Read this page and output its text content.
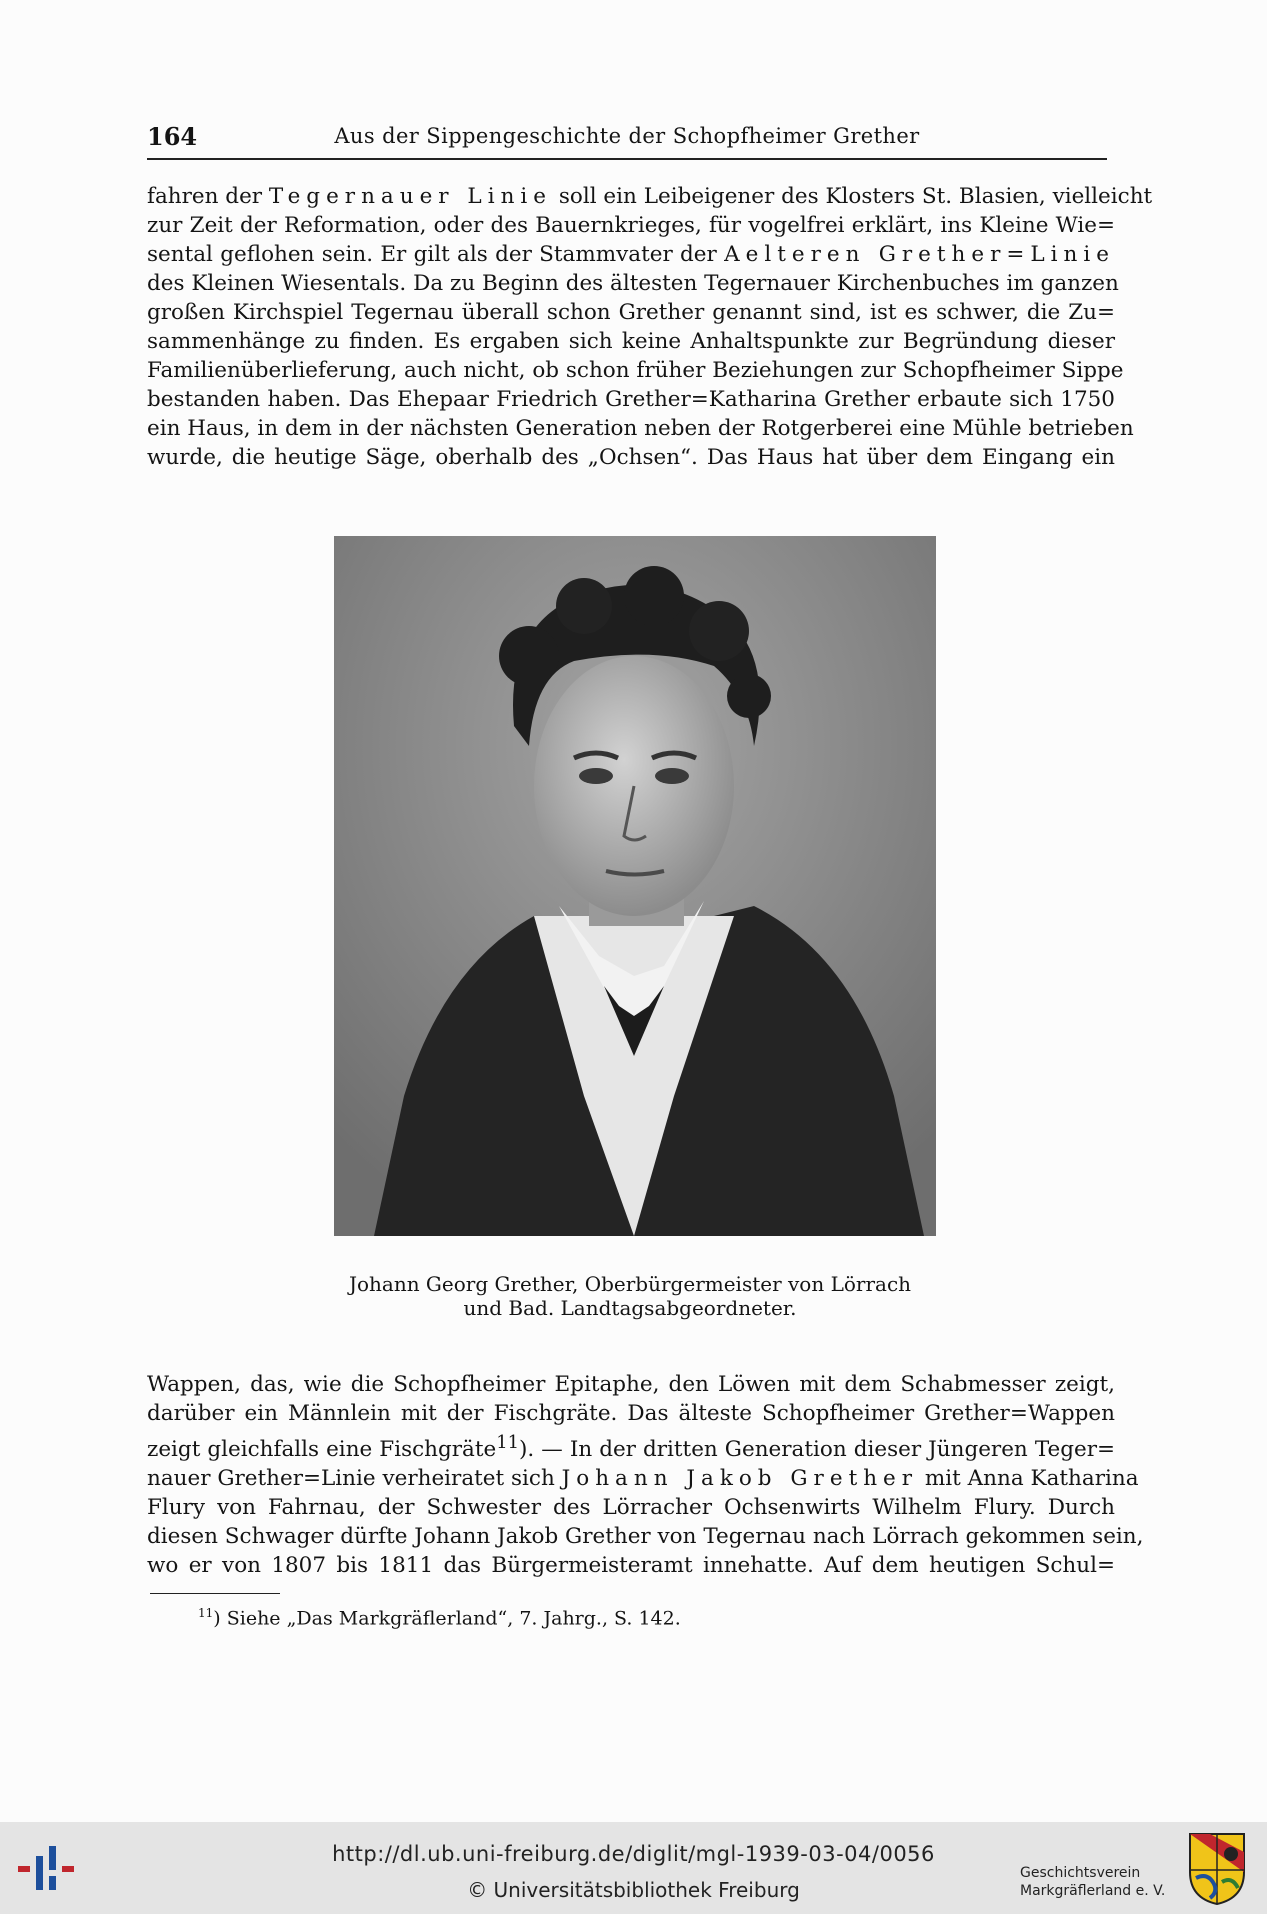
164	Aus der Sippengeschichte der Schopfheimer Grether
fahren der Tegernauer Linie soll ein Leibeigener des Klosters St. Blasien, vielleicht
zur Zeit der Reformation, oder des Bauernkrieges, für vogelfrei erklärt, ins Kleine Wie=
sental geflohen sein. Er gilt als der Stammvater der Aelteren Grether=Linie
des Kleinen Wiesentals. Da zu Beginn des ältesten Tegernauer Kirchenbuches im ganzen
großen Kirchspiel Tegernau überall schon Grether genannt sind, ist es schwer, die Zu=
sammenhänge zu finden. Es ergaben sich keine Anhaltspunkte zur Begründung dieser
Familienüberlieferung, auch nicht, ob schon früher Beziehungen zur Schopfheimer Sippe
bestanden haben. Das Ehepaar Friedrich Grether=Katharina Grether erbaute sich 1750
ein Haus, in dem in der nächsten Generation neben der Rotgerberei eine Mühle betrieben
wurde, die heutige Säge, oberhalb des „Ochsen“. Das Haus hat über dem Eingang ein
Johann Georg Grether, Oberbürgermeister von Lörrach
und Bad. Landtagsabgeordneter.
Wappen, das, wie die Schopfheimer Epitaphe, den Löwen mit dem Schabmesser zeigt,
darüber ein Männlein mit der Fischgräte. Das älteste Schopfheimer Grether=Wappen
zeigt gleichfalls eine Fischgräte$^{11}$). — In der dritten Generation dieser Jüngeren Teger=
nauer Grether=Linie verheiratet sich Johann Jakob Grether mit Anna Katharina
Flury von Fahrnau, der Schwester des Lörracher Ochsenwirts Wilhelm Flury. Durch
diesen Schwager dürfte Johann Jakob Grether von Tegernau nach Lörrach gekommen sein,
wo er von 1807 bis 1811 das Bürgermeisteramt innehatte. Auf dem heutigen Schul=
$^{11}$) Siehe „Das Markgräflerland“, 7. Jahrg., S. 142.
http://dl.ub.uni-freiburg.de/diglit/mgl-1939-03-04/0056
© Universitätsbibliothek Freiburg
Geschichtsverein
Markgräflerland e. V.
